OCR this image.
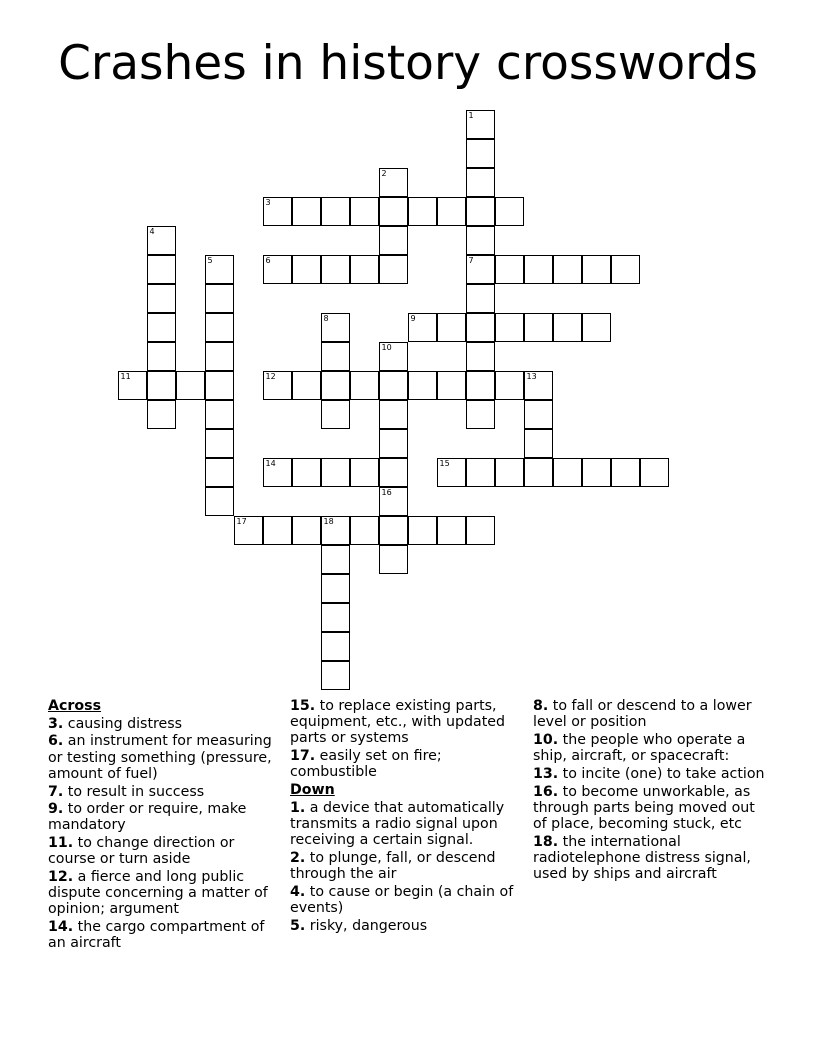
Crashes in history crosswords
1
7
2
3
4
5	6
8	9
10
11	12	13
14	15
16
17	18
Across
3. causing distress
6. an instrument for measuring or testing something (pressure, amount of fuel)
7. to result in success
9. to order or require, make mandatory
11. to change direction or course or turn aside
12. a fierce and long public dispute concerning a matter of opinion; argument
14. the cargo compartment of an aircraft
15. to replace existing parts, equipment, etc., with updated parts or systems
17. easily set on fire; combustible
Down
1. a device that automatically transmits a radio signal upon receiving a certain signal.
2. to plunge, fall, or descend through the air
4. to cause or begin (a chain of events)
5. risky, dangerous
8. to fall or descend to a lower level or position
10. the people who operate a ship, aircraft, or spacecraft:
13. to incite (one) to take action
16. to become unworkable, as through parts being moved out of place, becoming stuck, etc
18. the international radiotelephone distress signal, used by ships and aircraft
